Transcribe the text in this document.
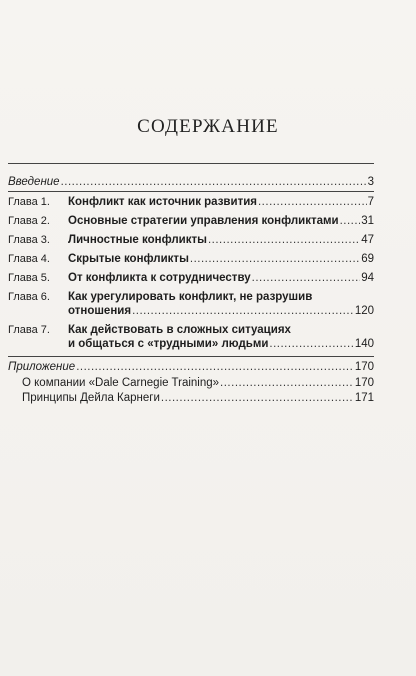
СОДЕРЖАНИЕ
Введение .....	3
Глава 1.	Конфликт как источник развития .....	7
Глава 2.	Основные стратегии управления конфликтами ..... 31
Глава 3.	Личностные конфликты .....	47
Глава 4.	Скрытые конфликты .....	69
Глава 5.	От конфликта к сотрудничеству .....	94
Глава 6.	Как урегулировать конфликт, не разрушив
отношения .....	120
Глава 7.	Как действовать в сложных ситуациях
и общаться с «трудными» людьми .....	140
Приложение .....	170
О компании «Dale Carnegie Training» .....	170
Принципы Дейла Карнеги .....	171
